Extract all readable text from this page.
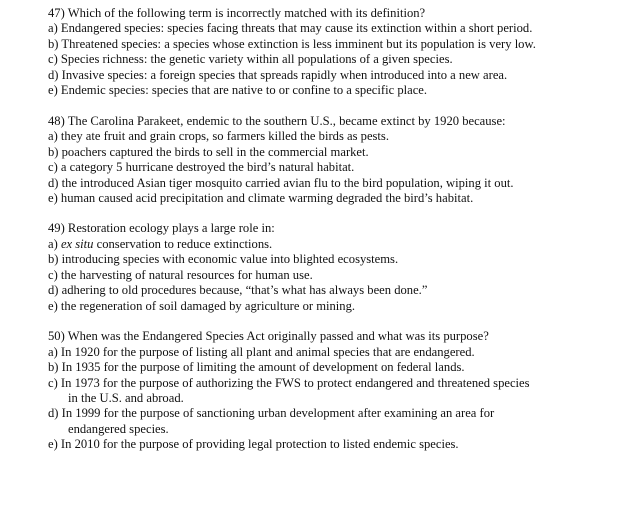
47) Which of the following term is incorrectly matched with its definition?
a) Endangered species: species facing threats that may cause its extinction within a short period.
b) Threatened species: a species whose extinction is less imminent but its population is very low.
c) Species richness: the genetic variety within all populations of a given species.
d) Invasive species: a foreign species that spreads rapidly when introduced into a new area.
e) Endemic species: species that are native to or confine to a specific place.
48) The Carolina Parakeet, endemic to the southern U.S., became extinct by 1920 because:
a) they ate fruit and grain crops, so farmers killed the birds as pests.
b) poachers captured the birds to sell in the commercial market.
c) a category 5 hurricane destroyed the bird’s natural habitat.
d) the introduced Asian tiger mosquito carried avian flu to the bird population, wiping it out.
e) human caused acid precipitation and climate warming degraded the bird’s habitat.
49) Restoration ecology plays a large role in:
a) ex situ conservation to reduce extinctions.
b) introducing species with economic value into blighted ecosystems.
c) the harvesting of natural resources for human use.
d) adhering to old procedures because, “that’s what has always been done.”
e) the regeneration of soil damaged by agriculture or mining.
50) When was the Endangered Species Act originally passed and what was its purpose?
a) In 1920 for the purpose of listing all plant and animal species that are endangered.
b) In 1935 for the purpose of limiting the amount of development on federal lands.
c) In 1973 for the purpose of authorizing the FWS to protect endangered and threatened species
in the U.S. and abroad.
d) In 1999 for the purpose of sanctioning urban development after examining an area for
endangered species.
e) In 2010 for the purpose of providing legal protection to listed endemic species.
